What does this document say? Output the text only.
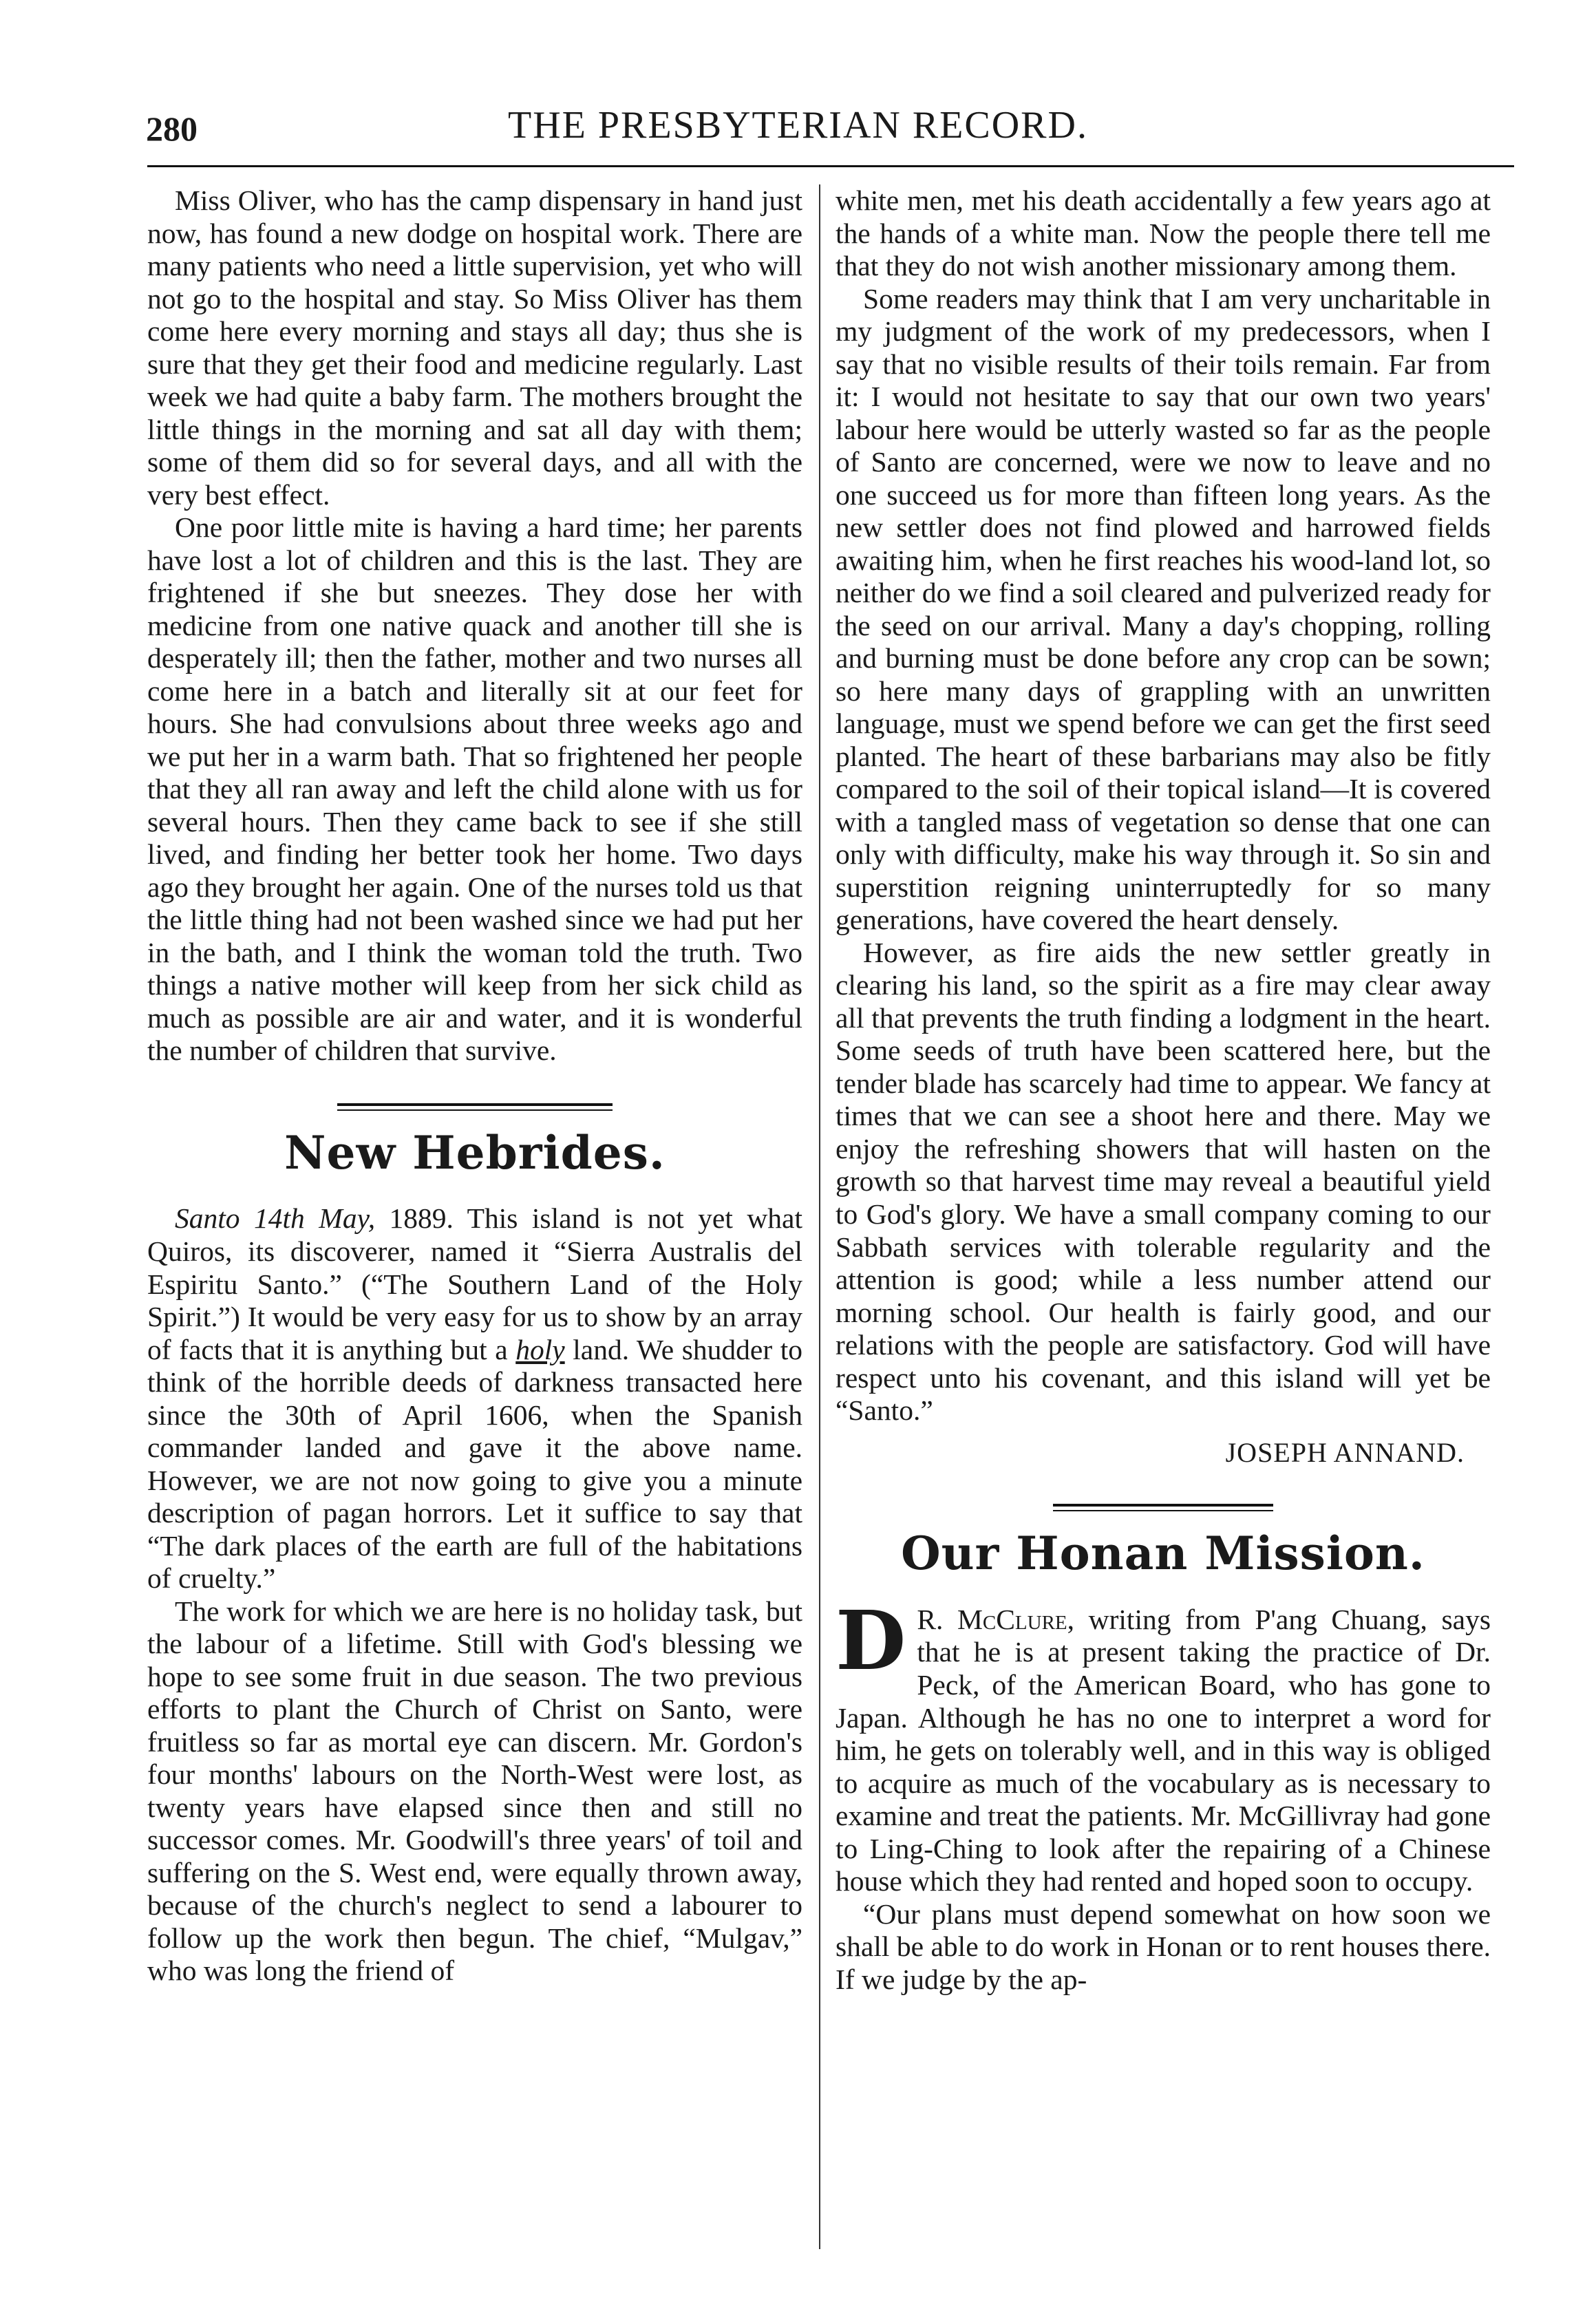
280	THE PRESBYTERIAN RECORD.

Miss Oliver, who has the camp dispensary in hand just now, has found a new dodge on hospital work. There are many patients who need a little supervision, yet who will not go to the hospital and stay. So Miss Oliver has them come here every morning and stays all day; thus she is sure that they get their food and medicine regularly. Last week we had quite a baby farm. The mothers brought the little things in the morning and sat all day with them; some of them did so for several days, and all with the very best effect.

One poor little mite is having a hard time; her parents have lost a lot of children and this is the last. They are frightened if she but sneezes. They dose her with medicine from one native quack and another till she is desperately ill; then the father, mother and two nurses all come here in a batch and literally sit at our feet for hours. She had convulsions about three weeks ago and we put her in a warm bath. That so frightened her people that they all ran away and left the child alone with us for several hours. Then they came back to see if she still lived, and finding her better took her home. Two days ago they brought her again. One of the nurses told us that the little thing had not been washed since we had put her in the bath, and I think the woman told the truth. Two things a native mother will keep from her sick child as much as possible are air and water, and it is wonderful the number of children that survive.

New Hebrides.

Santo 14th May, 1889. This island is not yet what Quiros, its discoverer, named it “Sierra Australis del Espiritu Santo.” (“The Southern Land of the Holy Spirit.”) It would be very easy for us to show by an array of facts that it is anything but a holy land. We shudder to think of the horrible deeds of darkness transacted here since the 30th of April 1606, when the Spanish commander landed and gave it the above name. However, we are not now going to give you a minute description of pagan horrors. Let it suffice to say that “The dark places of the earth are full of the habitations of cruelty.”

The work for which we are here is no holiday task, but the labour of a lifetime. Still with God's blessing we hope to see some fruit in due season. The two previous efforts to plant the Church of Christ on Santo, were fruitless so far as mortal eye can discern. Mr. Gordon's four months' labours on the North-West were lost, as twenty years have elapsed since then and still no successor comes. Mr. Goodwill's three years' of toil and suffering on the S. West end, were equally thrown away, because of the church's neglect to send a labourer to follow up the work then begun. The chief, “Mulgav,” who was long the friend of

white men, met his death accidentally a few years ago at the hands of a white man. Now the people there tell me that they do not wish another missionary among them.

Some readers may think that I am very uncharitable in my judgment of the work of my predecessors, when I say that no visible results of their toils remain. Far from it: I would not hesitate to say that our own two years' labour here would be utterly wasted so far as the people of Santo are concerned, were we now to leave and no one succeed us for more than fifteen long years. As the new settler does not find plowed and harrowed fields awaiting him, when he first reaches his wood-land lot, so neither do we find a soil cleared and pulverized ready for the seed on our arrival. Many a day's chopping, rolling and burning must be done before any crop can be sown; so here many days of grappling with an unwritten language, must we spend before we can get the first seed planted. The heart of these barbarians may also be fitly compared to the soil of their topical island—It is covered with a tangled mass of vegetation so dense that one can only with difficulty, make his way through it. So sin and superstition reigning uninterruptedly for so many generations, have covered the heart densely.

However, as fire aids the new settler greatly in clearing his land, so the spirit as a fire may clear away all that prevents the truth finding a lodgment in the heart. Some seeds of truth have been scattered here, but the tender blade has scarcely had time to appear. We fancy at times that we can see a shoot here and there. May we enjoy the refreshing showers that will hasten on the growth so that harvest time may reveal a beautiful yield to God's glory. We have a small company coming to our Sabbath services with tolerable regularity and the attention is good; while a less number attend our morning school. Our health is fairly good, and our relations with the people are satisfactory. God will have respect unto his covenant, and this island will yet be “Santo.”

JOSEPH ANNAND.
Our Honan Mission.

D R. McClure, writing from P'ang Chuang, says that he is at present taking the practice of Dr. Peck, of the American Board, who has gone to Japan. Although he has no one to interpret a word for him, he gets on tolerably well, and in this way is obliged to acquire as much of the vocabulary as is necessary to examine and treat the patients. Mr. McGillivray had gone to Ling-Ching to look after the repairing of a Chinese house which they had rented and hoped soon to occupy.

“Our plans must depend somewhat on how soon we shall be able to do work in Honan or to rent houses there. If we judge by the ap-
